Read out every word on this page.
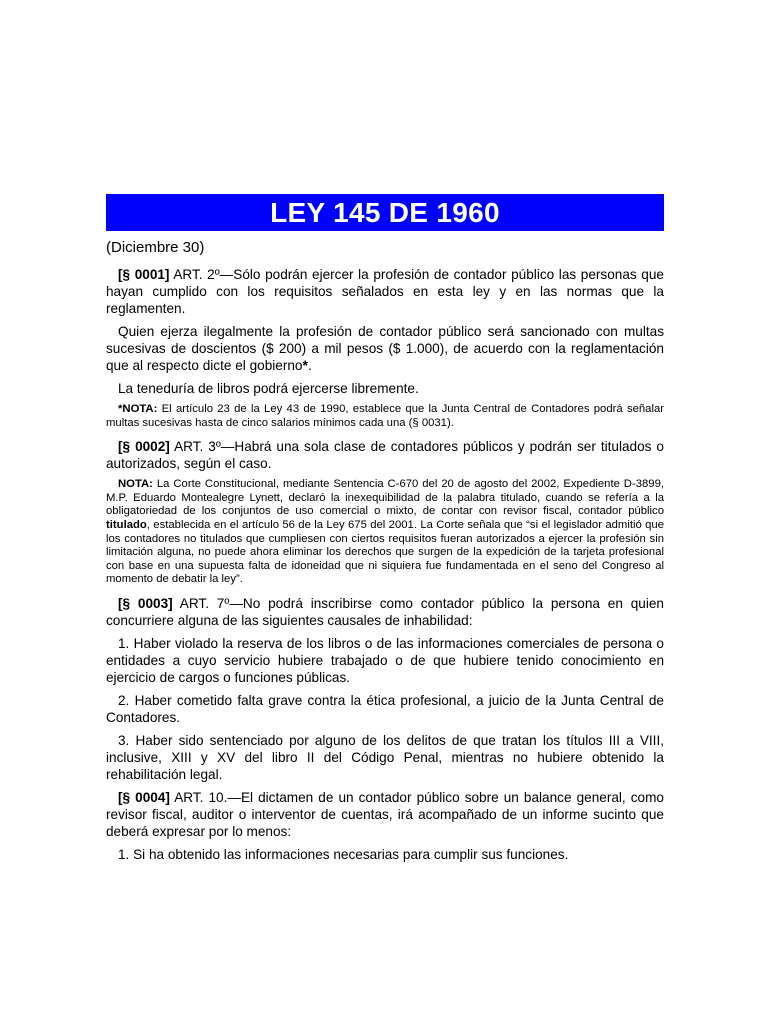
LEY 145 DE 1960
(Diciembre 30)

[§ 0001] ART. 2º—Sólo podrán ejercer la profesión de contador público las personas que hayan cumplido con los requisitos señalados en esta ley y en las normas que la reglamenten.

Quien ejerza ilegalmente la profesión de contador público será sancionado con multas sucesivas de doscientos ($ 200) a mil pesos ($ 1.000), de acuerdo con la reglamentación que al respecto dicte el gobierno*.

La teneduría de libros podrá ejercerse libremente.

*NOTA: El artículo 23 de la Ley 43 de 1990, establece que la Junta Central de Contadores podrá señalar multas sucesivas hasta de cinco salarios mínimos cada una (§ 0031).

[§ 0002] ART. 3º—Habrá una sola clase de contadores públicos y podrán ser titulados o autorizados, según el caso.

NOTA: La Corte Constitucional, mediante Sentencia C-670 del 20 de agosto del 2002, Expediente D-3899, M.P. Eduardo Montealegre Lynett, declaró la inexequibilidad de la palabra titulado, cuando se refería a la obligatoriedad de los conjuntos de uso comercial o mixto, de contar con revisor fiscal, contador público titulado, establecida en el artículo 56 de la Ley 675 del 2001. La Corte señala que “si el legislador admitió que los contadores no titulados que cumpliesen con ciertos requisitos fueran autorizados a ejercer la profesión sin limitación alguna, no puede ahora eliminar los derechos que surgen de la expedición de la tarjeta profesional con base en una supuesta falta de idoneidad que ni siquiera fue fundamentada en el seno del Congreso al momento de debatir la ley”.

[§ 0003] ART. 7º—No podrá inscribirse como contador público la persona en quien concurriere alguna de las siguientes causales de inhabilidad:

1. Haber violado la reserva de los libros o de las informaciones comerciales de persona o entidades a cuyo servicio hubiere trabajado o de que hubiere tenido conocimiento en ejercicio de cargos o funciones públicas.

2. Haber cometido falta grave contra la ética profesional, a juicio de la Junta Central de Contadores.

3. Haber sido sentenciado por alguno de los delitos de que tratan los títulos III a VIII, inclusive, XIII y XV del libro II del Código Penal, mientras no hubiere obtenido la rehabilitación legal.

[§ 0004] ART. 10.—El dictamen de un contador público sobre un balance general, como revisor fiscal, auditor o interventor de cuentas, irá acompañado de un informe sucinto que deberá expresar por lo menos:

1. Si ha obtenido las informaciones necesarias para cumplir sus funciones.
